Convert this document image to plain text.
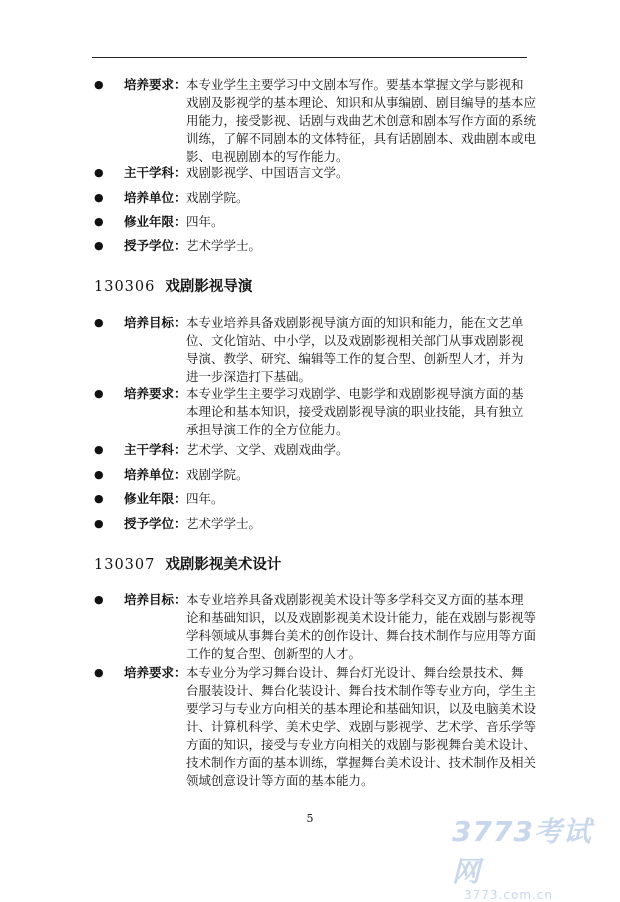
● 培养要求： 本专业学生主要学习中文剧本写作。要基本掌握文学与影视和
戏剧及影视学的基本理论、知识和从事编剧、剧目编导的基本应
用能力，接受影视、话剧与戏曲艺术创意和剧本写作方面的系统
训练，了解不同剧本的文体特征，具有话剧剧本、戏曲剧本或电
影、电视剧剧本的写作能力。
● 主干学科： 戏剧影视学、中国语言文学。
● 培养单位： 戏剧学院。
● 修业年限： 四年。
● 授予学位： 艺术学学士。
130306 戏剧影视导演
● 培养目标： 本专业培养具备戏剧影视导演方面的知识和能力，能在文艺单
位、文化馆站、中小学，以及戏剧影视相关部门从事戏剧影视
导演、教学、研究、编辑等工作的复合型、创新型人才，并为
进一步深造打下基础。
● 培养要求： 本专业学生主要学习戏剧学、电影学和戏剧影视导演方面的基
本理论和基本知识，接受戏剧影视导演的职业技能，具有独立
承担导演工作的全方位能力。
● 主干学科： 艺术学、文学、戏剧戏曲学。
● 培养单位： 戏剧学院。
● 修业年限： 四年。
● 授予学位： 艺术学学士。
130307 戏剧影视美术设计
● 培养目标： 本专业培养具备戏剧影视美术设计等多学科交叉方面的基本理
论和基础知识，以及戏剧影视美术设计能力，能在戏剧与影视等
学科领域从事舞台美术的创作设计、舞台技术制作与应用等方面
工作的复合型、创新型的人才。
● 培养要求： 本专业分为学习舞台设计、舞台灯光设计、舞台绘景技术、舞
台服装设计、舞台化装设计、舞台技术制作等专业方向，学生主
要学习与专业方向相关的基本理论和基础知识，以及电脑美术设
计、计算机科学、美术史学、戏剧与影视学、艺术学、音乐学等
方面的知识，接受与专业方向相关的戏剧与影视舞台美术设计、
技术制作方面的基本训练，掌握舞台美术设计、技术制作及相关
领域创意设计等方面的基本能力。
5	3773考试网
3773.com.cn
